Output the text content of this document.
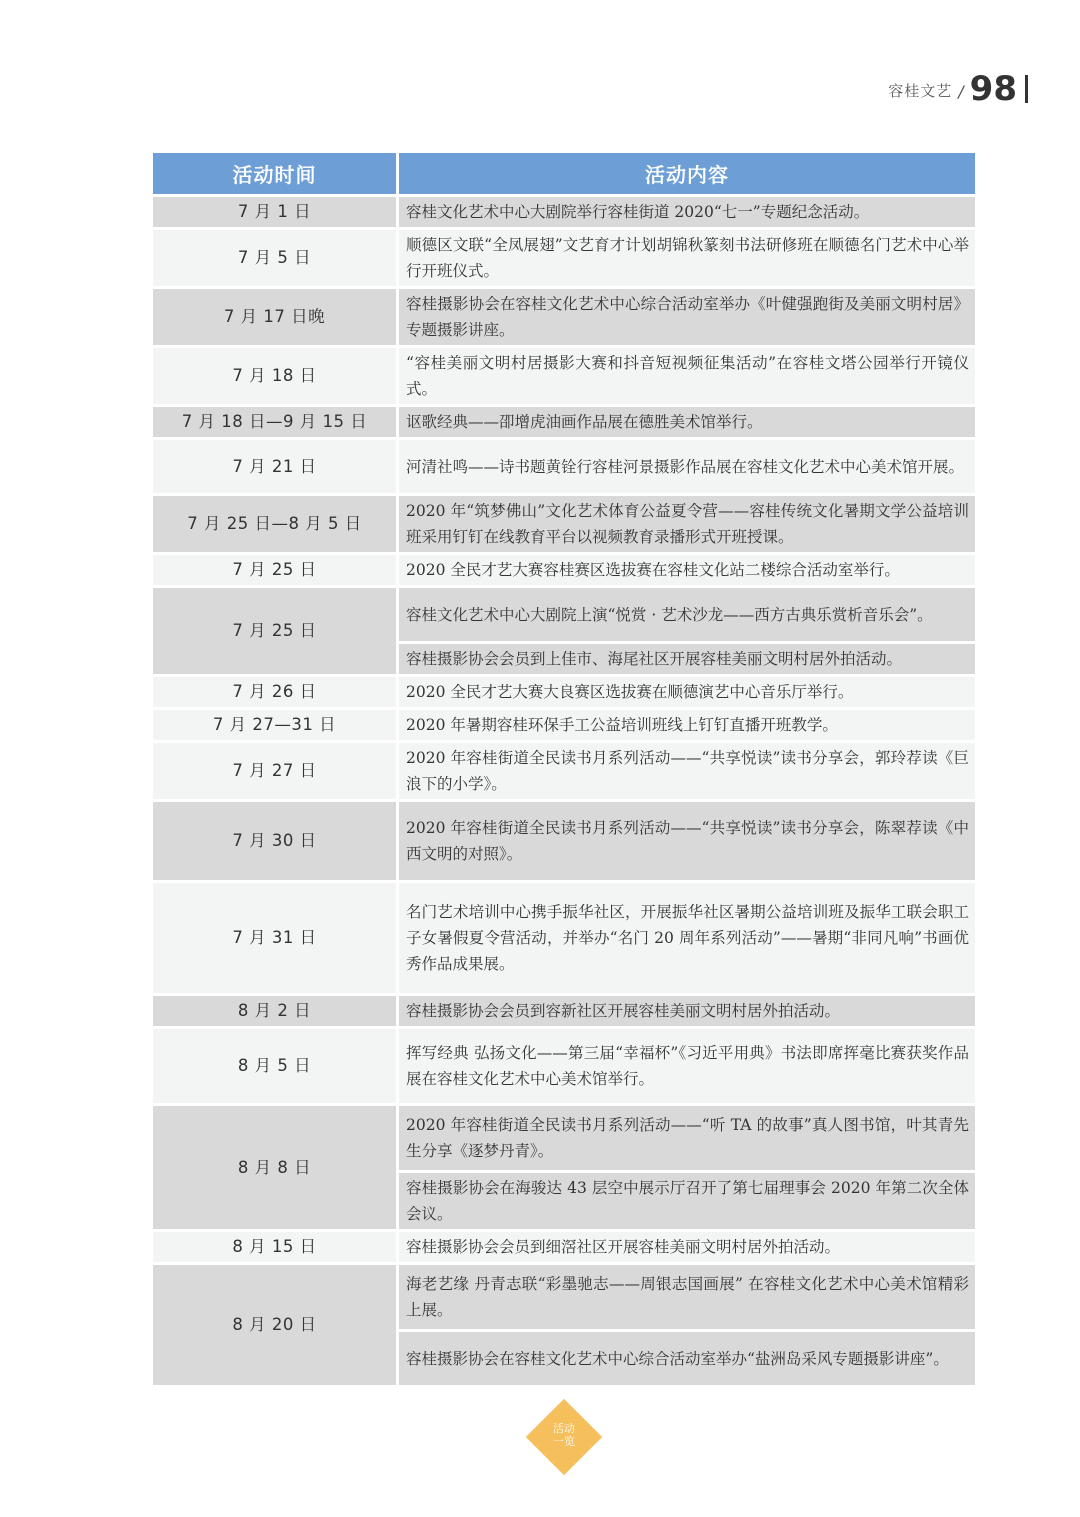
容桂文艺 / 98
活动时间	活动内容
7 月 1 日	容桂文化艺术中心大剧院举行容桂街道 2020“七一”专题纪念活动。
7 月 5 日	顺德区文联“全凤展翅”文艺育才计划胡锦秋篆刻书法研修班在顺德名门艺术中心举行开班仪式。
7 月 17 日晚	容桂摄影协会在容桂文化艺术中心综合活动室举办《叶健强跑街及美丽文明村居》专题摄影讲座。
7 月 18 日	“容桂美丽文明村居摄影大赛和抖音短视频征集活动”在容桂文塔公园举行开镜仪式。
7 月 18 日—9 月 15 日	讴歌经典——卲增虎油画作品展在德胜美术馆举行。
7 月 21 日	河清社鸣——诗书题黄铨行容桂河景摄影作品展在容桂文化艺术中心美术馆开展。
7 月 25 日—8 月 5 日	2020 年“筑梦佛山”文化艺术体育公益夏令营——容桂传统文化暑期文学公益培训班采用钉钉在线教育平台以视频教育录播形式开班授课。
7 月 25 日	2020 全民才艺大赛容桂赛区选拔赛在容桂文化站二楼综合活动室举行。
7 月 25 日	容桂文化艺术中心大剧院上演“悦赏 · 艺术沙龙——西方古典乐赏析音乐会”。
	容桂摄影协会会员到上佳市、海尾社区开展容桂美丽文明村居外拍活动。
7 月 26 日	2020 全民才艺大赛大良赛区选拔赛在顺德演艺中心音乐厅举行。
7 月 27—31 日	2020 年暑期容桂环保手工公益培训班线上钉钉直播开班教学。
7 月 27 日	2020 年容桂街道全民读书月系列活动——“共享悦读”读书分享会，郭玲荐读《巨浪下的小学》。
7 月 30 日	2020 年容桂街道全民读书月系列活动——“共享悦读”读书分享会，陈翠荐读《中西文明的对照》。
7 月 31 日	名门艺术培训中心携手振华社区，开展振华社区暑期公益培训班及振华工联会职工子女暑假夏令营活动，并举办“名门 20 周年系列活动”——暑期“非同凡响”书画优秀作品成果展。
8 月 2 日	容桂摄影协会会员到容新社区开展容桂美丽文明村居外拍活动。
8 月 5 日	挥写经典 弘扬文化——第三届“幸福杯”《习近平用典》书法即席挥毫比赛获奖作品展在容桂文化艺术中心美术馆举行。
8 月 8 日	2020 年容桂街道全民读书月系列活动——“听 TA 的故事”真人图书馆，叶其青先生分享《逐梦丹青》。
	容桂摄影协会在海骏达 43 层空中展示厅召开了第七届理事会 2020 年第二次全体会议。
8 月 15 日	容桂摄影协会会员到细滘社区开展容桂美丽文明村居外拍活动。
8 月 20 日	海老艺缘 丹青志联“彩墨驰志——周银志国画展” 在容桂文化艺术中心美术馆精彩上展。
	容桂摄影协会在容桂文化艺术中心综合活动室举办“盐洲岛采风专题摄影讲座”。
活动
一览
